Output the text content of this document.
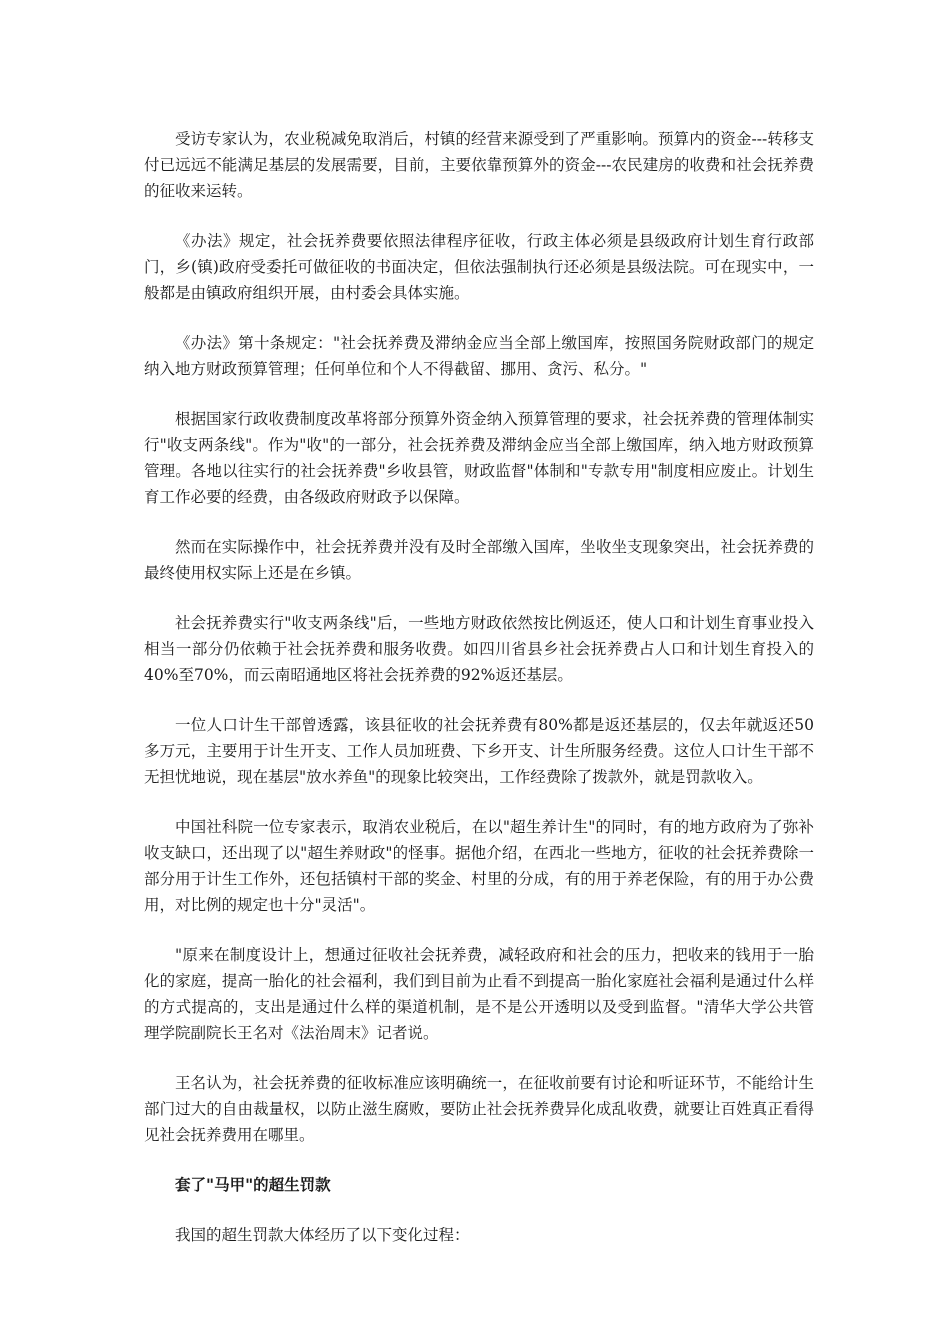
受访专家认为，农业税减免取消后，村镇的经营来源受到了严重影响。预算内的资金---转移支付已远远不能满足基层的发展需要，目前，主要依靠预算外的资金---农民建房的收费和社会抚养费的征收来运转。

《办法》规定，社会抚养费要依照法律程序征收，行政主体必须是县级政府计划生育行政部门，乡(镇)政府受委托可做征收的书面决定，但依法强制执行还必须是县级法院。可在现实中，一般都是由镇政府组织开展，由村委会具体实施。

《办法》第十条规定："社会抚养费及滞纳金应当全部上缴国库，按照国务院财政部门的规定纳入地方财政预算管理；任何单位和个人不得截留、挪用、贪污、私分。"

根据国家行政收费制度改革将部分预算外资金纳入预算管理的要求，社会抚养费的管理体制实行"收支两条线"。作为"收"的一部分，社会抚养费及滞纳金应当全部上缴国库，纳入地方财政预算管理。各地以往实行的社会抚养费"乡收县管，财政监督"体制和"专款专用"制度相应废止。计划生育工作必要的经费，由各级政府财政予以保障。

然而在实际操作中，社会抚养费并没有及时全部缴入国库，坐收坐支现象突出，社会抚养费的最终使用权实际上还是在乡镇。

社会抚养费实行"收支两条线"后，一些地方财政依然按比例返还，使人口和计划生育事业投入相当一部分仍依赖于社会抚养费和服务收费。如四川省县乡社会抚养费占人口和计划生育投入的40%至70%，而云南昭通地区将社会抚养费的92%返还基层。

一位人口计生干部曾透露，该县征收的社会抚养费有80%都是返还基层的，仅去年就返还50多万元，主要用于计生开支、工作人员加班费、下乡开支、计生所服务经费。这位人口计生干部不无担忧地说，现在基层"放水养鱼"的现象比较突出，工作经费除了拨款外，就是罚款收入。

中国社科院一位专家表示，取消农业税后，在以"超生养计生"的同时，有的地方政府为了弥补收支缺口，还出现了以"超生养财政"的怪事。据他介绍，在西北一些地方，征收的社会抚养费除一部分用于计生工作外，还包括镇村干部的奖金、村里的分成，有的用于养老保险，有的用于办公费用，对比例的规定也十分"灵活"。

"原来在制度设计上，想通过征收社会抚养费，减轻政府和社会的压力，把收来的钱用于一胎化的家庭，提高一胎化的社会福利，我们到目前为止看不到提高一胎化家庭社会福利是通过什么样的方式提高的，支出是通过什么样的渠道机制，是不是公开透明以及受到监督。"清华大学公共管理学院副院长王名对《法治周末》记者说。

王名认为，社会抚养费的征收标准应该明确统一，在征收前要有讨论和听证环节，不能给计生部门过大的自由裁量权，以防止滋生腐败，要防止社会抚养费异化成乱收费，就要让百姓真正看得见社会抚养费用在哪里。

套了"马甲"的超生罚款

我国的超生罚款大体经历了以下变化过程：
